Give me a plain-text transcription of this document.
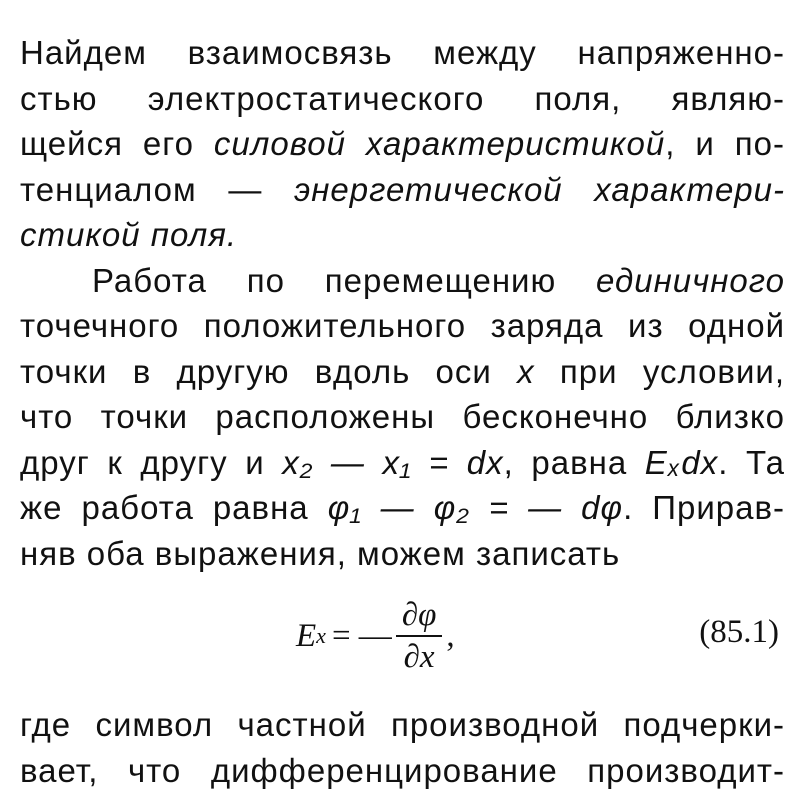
Найдем взаимосвязь между напряженно-
стью электростатического поля, являю-
щейся его силовой характеристикой, и по-
тенциалом — энергетической характери-
стикой поля.
Работа по перемещению единичного
точечного положительного заряда из одной
точки в другую вдоль оси x при условии,
что точки расположены бесконечно близко
друг к другу и x₂ — x₁ = dx, равна Eₓdx. Та
же работа равна φ₁ — φ₂ = — dφ. Прирав-
няв оба выражения, можем записать
E x = — $\frac{\partial\varphi}{\partial x}$ ,	(85.1)
где символ частной производной подчерки-
вает, что дифференцирование производит-
